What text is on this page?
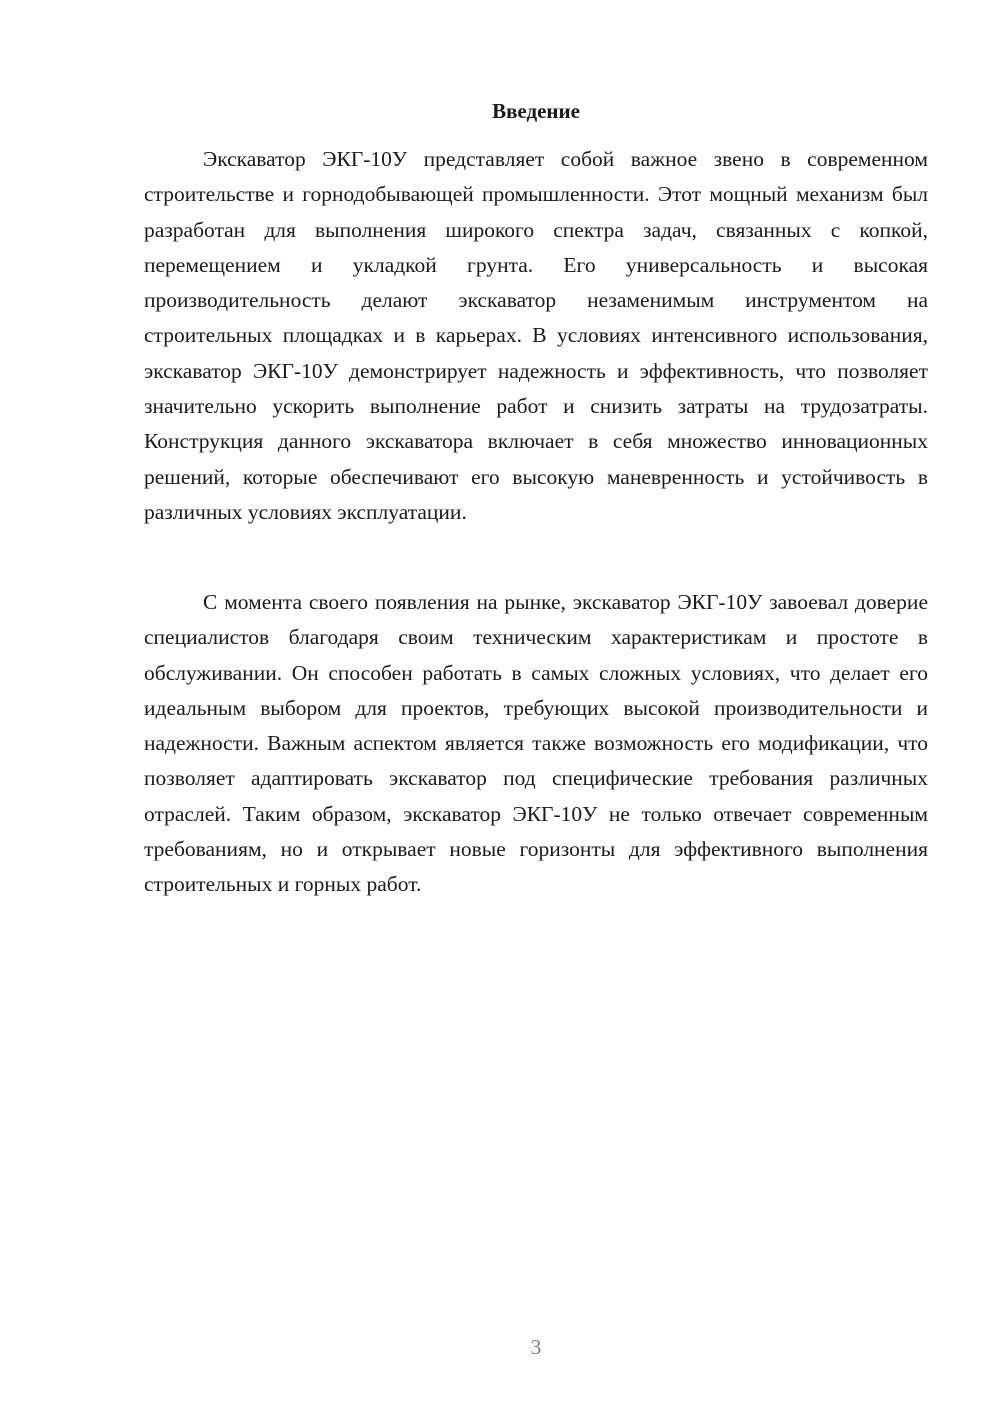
Введение

Экскаватор ЭКГ-10У представляет собой важное звено в современном строительстве и горнодобывающей промышленности. Этот мощный механизм был разработан для выполнения широкого спектра задач, связанных с копкой, перемещением и укладкой грунта. Его универсальность и высокая производительность делают экскаватор незаменимым инструментом на строительных площадках и в карьерах. В условиях интенсивного использования, экскаватор ЭКГ-10У демонстрирует надежность и эффективность, что позволяет значительно ускорить выполнение работ и снизить затраты на трудозатраты. Конструкция данного экскаватора включает в себя множество инновационных решений, которые обеспечивают его высокую маневренность и устойчивость в различных условиях эксплуатации.

С момента своего появления на рынке, экскаватор ЭКГ-10У завоевал доверие специалистов благодаря своим техническим характеристикам и простоте в обслуживании. Он способен работать в самых сложных условиях, что делает его идеальным выбором для проектов, требующих высокой производительности и надежности. Важным аспектом является также возможность его модификации, что позволяет адаптировать экскаватор под специфические требования различных отраслей. Таким образом, экскаватор ЭКГ-10У не только отвечает современным требованиям, но и открывает новые горизонты для эффективного выполнения строительных и горных работ.

3
